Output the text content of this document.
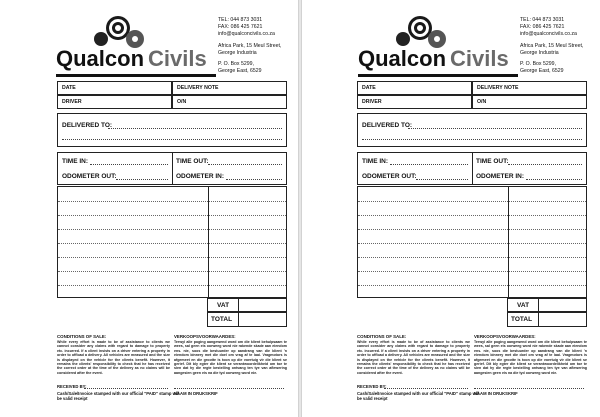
Qualcon Civils
TEL: 044 873 3031
FAX: 086 425 7621
info@qualconcivils.co.za
Africa Park, 15 Meul Street,
George Industria
P. O. Box 5299,
George East, 6529
DATE	DELIVERY NOTE
DRIVER	O/N
DELIVERED TO:
TIME IN:	TIME OUT:
ODOMETER OUT:	ODOMETER IN:
VAT
TOTAL
CONDITIONS OF SALE:
While every effort is made to be of assistance to clients we cannot consider any claims with regard to damage to property etc. incurred. If a client insists on a driver entering a property in order to offload a delivery. All vehicles are measured and the size is displayed on the vehicle for the clients benefit. However, it remains the clients' responsibility to check that he has received the correct order at the time of the delivery as no claims will be considered after the event.
VERKOOPSVOORWAARDES:
Terwyl alle poging aangewend word om die klient behulpsaam te wees, sal geen eis oorweeg word nie rakende skade aan eiendom ens. nie, soos die bestuurder op aandrang van die klient 'n eiendom binnery met die doel om vrag af te laai. Vragmotors is afgemeet en die grootte is toon op die voertuig vir die klient se gerief. Dit bly egter die klient se verantwoordelikheid om toe te sien dat hy die regte bestelling ontvang ten tye van aflewering aangesien geen eis na die tyd oorweeg word nie.
RECEIVED BY:
Cash/Sale/Invoice stamped with our official "PAID" stamp will
be valid receipt
NAAM IN DRUKSKRIF
Qualcon Civils
TEL: 044 873 3031
FAX: 086 425 7621
info@qualconcivils.co.za
Africa Park, 15 Meul Street,
George Industria
P. O. Box 5299,
George East, 6529
DATE	DELIVERY NOTE
DRIVER	O/N
DELIVERED TO:
TIME IN:	TIME OUT:
ODOMETER OUT:	ODOMETER IN:
VAT
TOTAL
CONDITIONS OF SALE:
While every effort is made to be of assistance to clients we cannot consider any claims with regard to damage to property etc. incurred. If a client insists on a driver entering a property in order to offload a delivery. All vehicles are measured and the size is displayed on the vehicle for the clients benefit. However, it remains the clients' responsibility to check that he has received the correct order at the time of the delivery as no claims will be considered after the event.
VERKOOPSVOORWAARDES:
Terwyl alle poging aangewend word om die klient behulpsaam te wees, sal geen eis oorweeg word nie rakende skade aan eiendom ens. nie, soos die bestuurder op aandrang van die klient 'n eiendom binnery met die doel om vrag af te laai. Vragmotors is afgemeet en die grootte is toon op die voertuig vir die klient se gerief. Dit bly egter die klient se verantwoordelikheid om toe te sien dat hy die regte bestelling ontvang ten tye van aflewering aangesien geen eis na die tyd oorweeg word nie.
RECEIVED BY:
Cash/Sale/Invoice stamped with our official "PAID" stamp will
be valid receipt
NAAM IN DRUKSKRIF
